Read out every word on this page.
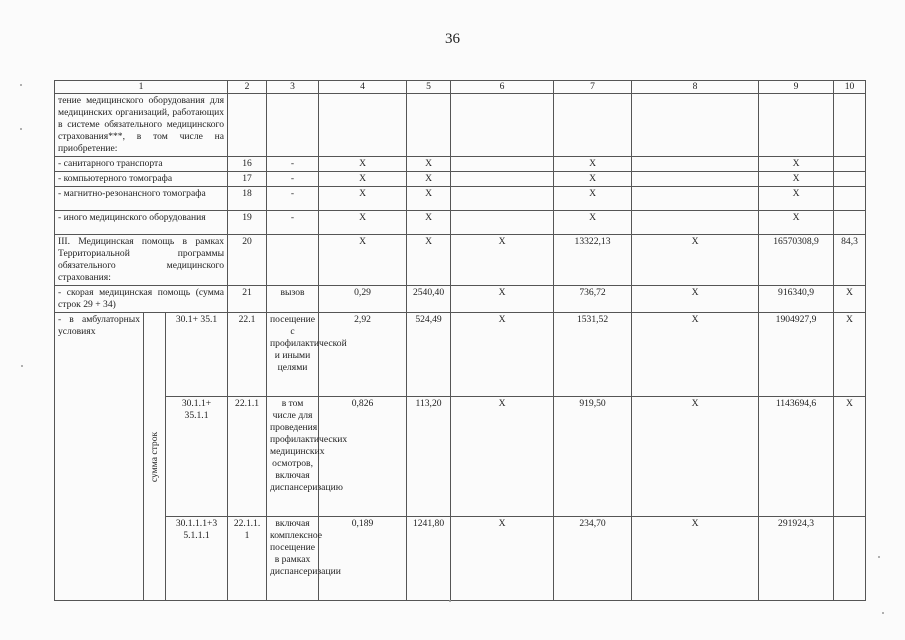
36
1			2	3	4	5	6	7	8	9	10
тение медицинского оборудования для медицинских организаций, работающих в системе обязательного медицинского страхования***, в том числе на приобретение:											
- санитарного транспорта			16	-	Х	Х		Х		Х	
- компьютерного томографа			17	-	Х	Х		Х		Х	
- магнитно-резонансного томографа			18	-	Х	Х		Х		Х	
- иного медицинского оборудования			19	-	Х	Х		Х		Х	
III. Медицинская помощь в рамках Территориальной программы обязательного медицинского страхования:			20		Х	Х	Х	13322,13	Х	16570308,9	84,3
- скорая медицинская помощь (сумма строк 29 + 34)			21	вызов	0,29	2540,40	Х	736,72	Х	916340,9	Х
- в амбулаторных условиях	сумма строк	30.1+ 35.1	22.1	посещение с профилактической и иными целями	2,92	524,49	Х	1531,52	Х	1904927,9	Х
		30.1.1+ 35.1.1	22.1.1	в том числе для проведения профилактических медицинских осмотров, включая диспансеризацию	0,826	113,20	Х	919,50	Х	1143694,6	Х
		30.1.1.1+3 5.1.1.1	22.1.1. 1	включая комплексное посещение в рамках диспансеризации	0,189	1241,80	Х	234,70	Х	291924,3	
